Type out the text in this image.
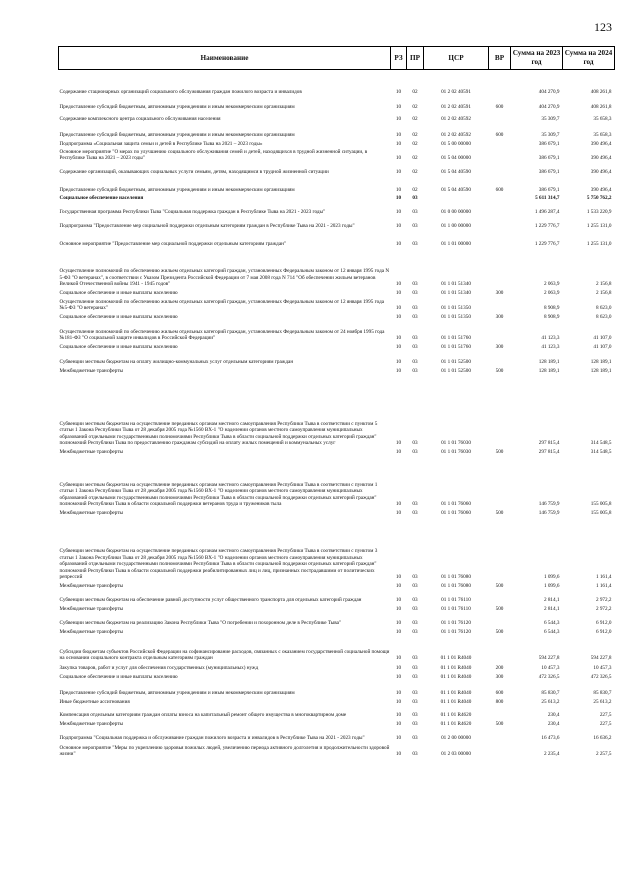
123
Наименование	РЗ	ПР	ЦСР	ВР	Сумма на 2023 год	Сумма на 2024 год
Содержание стационарных организаций социального обслуживания граждан пожилого возраста и инвалидов	10	02	01 2 02 40591		404 270,9	408 261,8
Предоставление субсидий бюджетным, автономным учреждениям и иным некоммерческим организациям	10	02	01 2 02 40591	600	404 270,9	408 261,8
Содержание комплексного центра социального обслуживания населения	10	02	01 2 02 40592		35 309,7	35 658,3
Предоставление субсидий бюджетным, автономным учреждениям и иным некоммерческим организациям	10	02	01 2 02 40592	600	35 309,7	35 658,3
Подпрограмма «Социальная защита семьи и детей в Республике Тыва на 2021 – 2023 годы»	10	02	01 5 00 00000		386 679,1	390 496,4
Основное мероприятие "О мерах по улучшению социального обслуживания семей и детей, находящихся в трудной жизненной ситуации, в Республике Тыва на 2021 – 2023 годы"	10	02	01 5 04 00000		386 679,1	390 496,4
Содержание организаций, оказывающих социальных услуги семьям, детям, находящимся в трудной жизненной ситуации	10	02	01 5 04 40590		386 679,1	390 496,4
Предоставление субсидий бюджетным, автономным учреждениям и иным некоммерческим организациям	10	02	01 5 04 40590	600	386 679,1	390 496,4
Социальное обеспечение населения	10	03			5 611 314,7	5 750 762,2
Государственная программа Республики Тыва "Социальная поддержка граждан в Республике Тыва на 2021 - 2023 годы"	10	03	01 0 00 00000		1 496 287,4	1 533 220,9
Подпрограмма "Предоставление мер социальной поддержки отдельным категориям граждан в Республике Тыва на 2021 - 2023 годы"	10	03	01 1 00 00000		1 229 776,7	1 255 131,0
Основное мероприятие "Предоставление мер социальной поддержки отдельным категориям граждан"	10	03	01 1 01 00000		1 229 776,7	1 255 131,0
Осуществление полномочий по обеспечению жильем отдельных категорий граждан, установленных Федеральным законом от 12 января 1995 года N 5-ФЗ "О ветеранах", в соответствии с Указом Президента Российской Федерации от 7 мая 2008 года N 714 "Об обеспечении жильем ветеранов Великой Отечественной войны 1941 - 1945 годов"	10	03	01 1 01 51340		2 063,9	2 156,8
Социальное обеспечение и иные выплаты населению	10	03	01 1 01 51340	300	2 063,9	2 156,8
Осуществление полномочий по обеспечению жильем отдельных категорий граждан, установленных Федеральным законом от 12 января 1995 года №5-ФЗ "О ветеранах"	10	03	01 1 01 51350		8 908,9	8 623,0
Социальное обеспечение и иные выплаты населению	10	03	01 1 01 51350	300	8 908,9	8 623,0
Осуществление полномочий по обеспечению жильем отдельных категорий граждан, установленных Федеральным законом от 24 ноября 1995 года №181-ФЗ "О социальной защите инвалидов в Российской Федерации"	10	03	01 1 01 51760		41 123,3	41 107,0
Социальное обеспечение и иные выплаты населению	10	03	01 1 01 51760	300	41 123,3	41 107,0
Субвенции местным бюджетам на оплату жилищно-коммунальных услуг отдельным категориям граждан	10	03	01 1 01 52500		128 189,1	128 189,1
Межбюджетные трансферты	10	03	01 1 01 52500	500	128 189,1	128 189,1
Субвенции местным бюджетам на осуществление переданных органам местного самоуправления Республики Тыва в соответствии с пунктом 5 статьи 1 Закона Республики Тыва от 28 декабря 2005 года №1560 ВХ-1 "О наделении органов местного самоуправления муниципальных образований отдельными государственными полномочиями Республики Тыва в области социальной поддержки отдельных категорий граждан" полномочий Республики Тыва по предоставлению гражданам субсидий на оплату жилых помещений и коммунальных услуг	10	03	01 1 01 76030		297 815,4	314 548,5
Межбюджетные трансферты	10	03	01 1 01 76030	500	297 815,4	314 548,5
Субвенции местным бюджетам на осуществление переданных органам местного самоуправления Республики Тыва в соответствии с пунктом 1 статьи 1 Закона Республики Тыва от 28 декабря 2005 года №1560 ВХ-1 "О наделении органов местного самоуправления муниципальных образований отдельными государственными полномочиями Республики Тыва в области социальной поддержки отдельных категорий граждан" полномочий Республики Тыва в области социальной поддержки ветеранов труда и тружеников тыла	10	03	01 1 01 76060		146 759,9	155 005,8
Межбюджетные трансферты	10	03	01 1 01 76060	500	146 759,9	155 005,8
Субвенции местным бюджетам на осуществление переданных органам местного самоуправления Республики Тыва в соответствии с пунктом 3 статьи 1 Закона Республики Тыва от 28 декабря 2005 года №1560 ВХ-1 "О наделении органов местного самоуправления муниципальных образований отдельными государственными полномочиями Республики Тыва в области социальной поддержки отдельных категорий граждан" полномочий Республики Тыва в области социальной поддержки реабилитированных лиц и лиц, признанных пострадавшими от политических репрессий	10	03	01 1 01 76080		1 099,6	1 161,4
Межбюджетные трансферты	10	03	01 1 01 76080	500	1 099,6	1 161,4
Субвенции местным бюджетам на обеспечение равной доступности услуг общественного транспорта для отдельных категорий граждан	10	03	01 1 01 76110		2 814,1	2 972,2
Межбюджетные трансферты	10	03	01 1 01 76110	500	2 814,1	2 972,2
Субвенции местным бюджетам на реализацию Закона Республики Тыва "О погребении и похоронном деле в Республике Тыва"	10	03	01 1 01 76120		6 544,3	6 912,0
Межбюджетные трансферты	10	03	01 1 01 76120	500	6 544,3	6 912,0
Субсидии бюджетам субъектов Российской Федерации на софинансирование расходов, связанных с оказанием государственной социальной помощи на основании социального контракта отдельным категориям граждан	10	03	01 1 01 R4040		594 227,8	594 227,8
Закупка товаров, работ и услуг для обеспечения государственных (муниципальных) нужд	10	03	01 1 01 R4040	200	10 457,3	10 457,3
Социальное обеспечение и иные выплаты населению	10	03	01 1 01 R4040	300	472 326,5	472 326,5
Предоставление субсидий бюджетным, автономным учреждениям и иным некоммерческим организациям	10	03	01 1 01 R4040	600	85 830,7	85 830,7
Иные бюджетные ассигнования	10	03	01 1 01 R4040	800	25 613,2	25 613,2
Компенсация отдельным категориям граждан оплаты взноса на капитальный ремонт общего имущества в многоквартирном доме	10	03	01 1 01 R4620		230,4	227,5
Межбюджетные трансферты	10	03	01 1 01 R4620	500	230,4	227,5
Подпрограмма "Социальная поддержка и обслуживание граждан пожилого возраста и инвалидов в Республике Тыва на 2021 - 2023 годы"	10	03	01 2 00 00000		16 473,6	16 636,2
Основное мероприятие "Меры по укреплению здоровья пожилых людей, увеличению периода активного долголетия и продолжительности здоровой жизни"	10	03	01 2 03 00000		2 235,4	2 257,5
